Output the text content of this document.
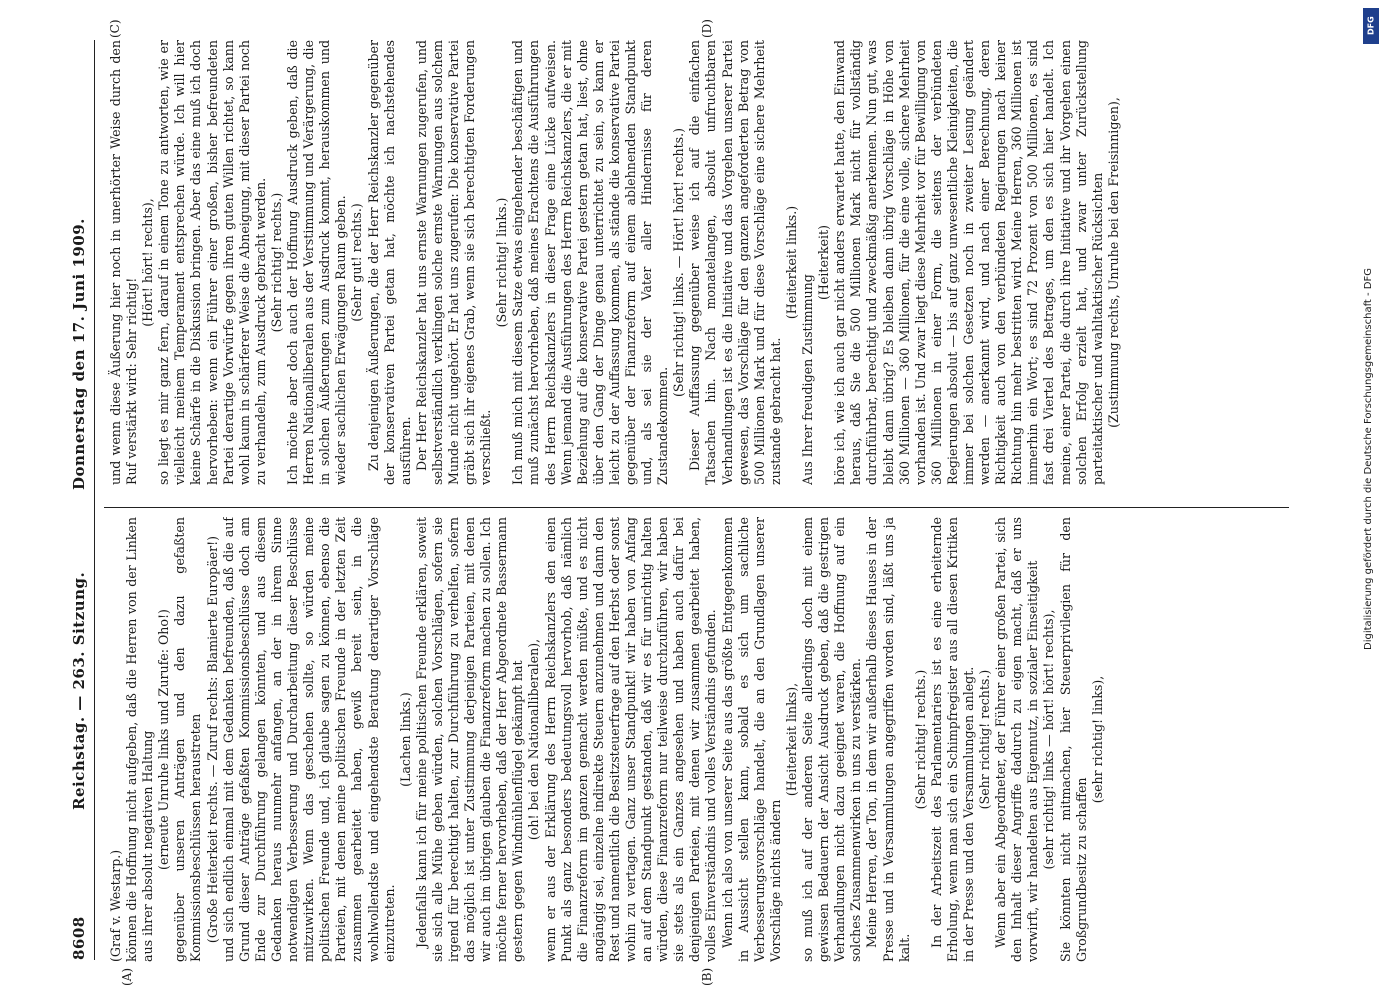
8608
Reichstag. — 263. Sitzung.
Donnerstag den 17. Juni 1909.
(A)	(B)
(C)	(D)

(Graf v. Westarp.) können die Hoffnung nicht aufgeben, daß die Herren von der Linken aus ihrer absolut negativen Haltung (erneute Unruhe links und Zurufe: Oho!) gegenüber unseren Anträgen und den dazu gefaßten Kommissionsbeschlüssen heraustreten (Große Heiterkeit rechts. — Zuruf rechts: Blamierte Europäer!) und sich endlich einmal mit dem Gedanken befreunden, daß die auf Grund dieser Anträge gefaßten Kommissionsbeschlüsse doch am Ende zur Durchführung gelangen könnten, und aus diesem Gedanken heraus nunmehr anfangen, an der in ihrem Sinne notwendigen Verbesserung und Durcharbeitung dieser Beschlüsse mitzuwirken. Wenn das geschehen sollte, so würden meine politischen Freunde und, ich glaube sagen zu können, ebenso die Parteien, mit denen meine politischen Freunde in der letzten Zeit zusammen gearbeitet haben, gewiß bereit sein, in die wohlwollendste und eingehendste Beratung derartiger Vorschläge einzutreten.

(Lachen links.) Jedenfalls kann ich für meine politischen Freunde erklären, soweit sie sich alle Mühe geben würden, solchen Vorschlägen, sofern sie irgend für berechtigt halten, zur Durchführung zu verhelfen, sofern das möglich ist unter Zustimmung derjenigen Parteien, mit denen wir auch im übrigen glauben die Finanzreform machen zu sollen. Ich möchte ferner hervorheben, daß der Herr Abgeordnete Bassermann gestern gegen Windmühlenflügel gekämpft hat (oh! bei den Nationalliberalen), wenn er aus der Erklärung des Herrn Reichskanzlers den einen Punkt als ganz besonders bedeutungsvoll hervorhob, daß nämlich die Finanzreform im ganzen gemacht werden müßte, und es nicht angängig sei, einzelne indirekte Steuern anzunehmen und dann den Rest und namentlich die Besitzsteuerfrage auf den Herbst oder sonst wohin zu vertagen. Ganz unser Standpunkt! wir haben von Anfang an auf dem Standpunkt gestanden, daß wir es für unrichtig halten würden, diese Finanzreform nur teilweise durchzuführen, wir haben sie stets als ein Ganzes angesehen und haben auch dafür bei denjenigen Parteien, mit denen wir zusammen gearbeitet haben, volles Einverständnis und volles Verständnis gefunden. Wenn ich also von unserer Seite aus das größte Entgegenkommen in Aussicht stellen kann, sobald es sich um sachliche Verbesserungsvorschläge handelt, die an den Grundlagen unserer Vorschläge nichts ändern

(Heiterkeit links), so muß ich auf der anderen Seite allerdings doch mit einem gewissen Bedauern der Ansicht Ausdruck geben, daß die gestrigen Verhandlungen nicht dazu geeignet waren, die Hoffnung auf ein solches Zusammenwirken in uns zu verstärken. Meine Herren, der Ton, in dem wir außerhalb dieses Hauses in der Presse und in Versammlungen angegriffen worden sind, läßt uns ja kalt.

(Sehr richtig! rechts.) In der Arbeitszeit des Parlamentariers ist es eine erheiternde Erholung, wenn man sich ein Schimpfregister aus all diesen Kritiken in der Presse und den Versammlungen anlegt. (Sehr richtig! rechts.) Wenn aber ein Abgeordneter, der Führer einer großen Partei, sich den Inhalt dieser Angriffe dadurch zu eigen macht, daß er uns vorwirft, wir handelten aus Eigennutz, in sozialer Einseitigkeit (sehr richtig! links — hört! hört! rechts), Sie könnten nicht mitmachen, hier Steuerprivilegien für den Großgrundbesitz zu schaffen

(sehr richtig! links),

und wenn diese Äußerung hier noch in unerhörter Weise durch den Ruf verstärkt wird: Sehr richtig!

(Hört! hört! rechts), so liegt es mir ganz fern, darauf in einem Tone zu antworten, wie er vielleicht meinem Temperament entsprechen würde. Ich will hier keine Schärfe in die Diskussion bringen. Aber das eine muß ich doch hervorheben: wenn ein Führer einer großen, bisher befreundeten Partei derartige Vorwürfe gegen ihren guten Willen richtet, so kann wohl kaum in schärferer Weise die Abneigung, mit dieser Partei noch zu verhandeln, zum Ausdruck gebracht werden. (Sehr richtig! rechts.) Ich möchte aber doch auch der Hoffnung Ausdruck geben, daß die Herren Nationalliberalen aus der Verstimmung und Verärgerung, die in solchen Äußerungen zum Ausdruck kommt, herauskommen und wieder sachlichen Erwägungen Raum geben. (Sehr gut! rechts.) Zu denjenigen Äußerungen, die der Herr Reichskanzler gegenüber der konservativen Partei getan hat, möchte ich nachstehendes ausführen. Der Herr Reichskanzler hat uns ernste Warnungen zugerufen, und selbstverständlich verklingen solche ernste Warnungen aus solchem Munde nicht ungehört. Er hat uns zugerufen: Die konservative Partei gräbt sich ihr eigenes Grab, wenn sie sich berechtigten Forderungen verschließt.

(Sehr richtig! links.) Ich muß mich mit diesem Satze etwas eingehender beschäftigen und muß zunächst hervorheben, daß meines Erachtens die Ausführungen des Herrn Reichskanzlers in dieser Frage eine Lücke aufweisen. Wenn jemand die Ausführungen des Herrn Reichskanzlers, die er mit Beziehung auf die konservative Partei gestern getan hat, liest, ohne über den Gang der Dinge genau unterrichtet zu sein, so kann er leicht zu der Auffassung kommen, als stände die konservative Partei gegenüber der Finanzreform auf einem ablehnenden Standpunkt und, als sei sie der Vater aller Hindernisse für deren Zustandekommen.

(Sehr richtig! links. — Hört! hört! rechts.) Dieser Auffassung gegenüber weise ich auf die einfachen Tatsachen hin. Nach monatelangen, absolut unfruchtbaren Verhandlungen ist es die Initiative und das Vorgehen unserer Partei gewesen, das Vorschläge für den ganzen angeforderten Betrag von 500 Millionen Mark und für diese Vorschläge eine sichere Mehrheit zustande gebracht hat.

(Heiterkeit links.)

Aus Ihrer freudigen Zustimmung

(Heiterkeit) höre ich, wie ich auch gar nicht anders erwartet hatte, den Einwand heraus, daß Sie die 500 Millionen Mark nicht für vollständig durchführbar, berechtigt und zweckmäßig anerkennen. Nun gut, was bleibt dann übrig? Es bleiben dann übrig Vorschläge in Höhe von 360 Millionen — 360 Millionen, für die eine volle, sichere Mehrheit vorhanden ist. Und zwar liegt diese Mehrheit vor für Bewilligung von 360 Millionen in einer Form, die seitens der verbündeten Regierungen absolut — bis auf ganz unwesentliche Kleinigkeiten, die immer bei solchen Gesetzen noch in zweiter Lesung geändert werden — anerkannt wird, und nach einer Berechnung, deren Richtigkeit auch von den verbündeten Regierungen nach keiner Richtung hin mehr bestritten wird. Meine Herren, 360 Millionen ist immerhin ein Wort; es sind 72 Prozent von 500 Millionen, es sind fast drei Viertel des Betrages, um den es sich hier handelt. Ich meine, einer Partei, die durch ihre Initiative und ihr Vorgehen einen solchen Erfolg erzielt hat, und zwar unter Zurückstellung parteitaktischer und wahltaktischer Rücksichten (Zustimmung rechts, Unruhe bei den Freisinnigen),

DFG
Digitalisierung gefördert durch die Deutsche Forschungsgemeinschaft - DFG
